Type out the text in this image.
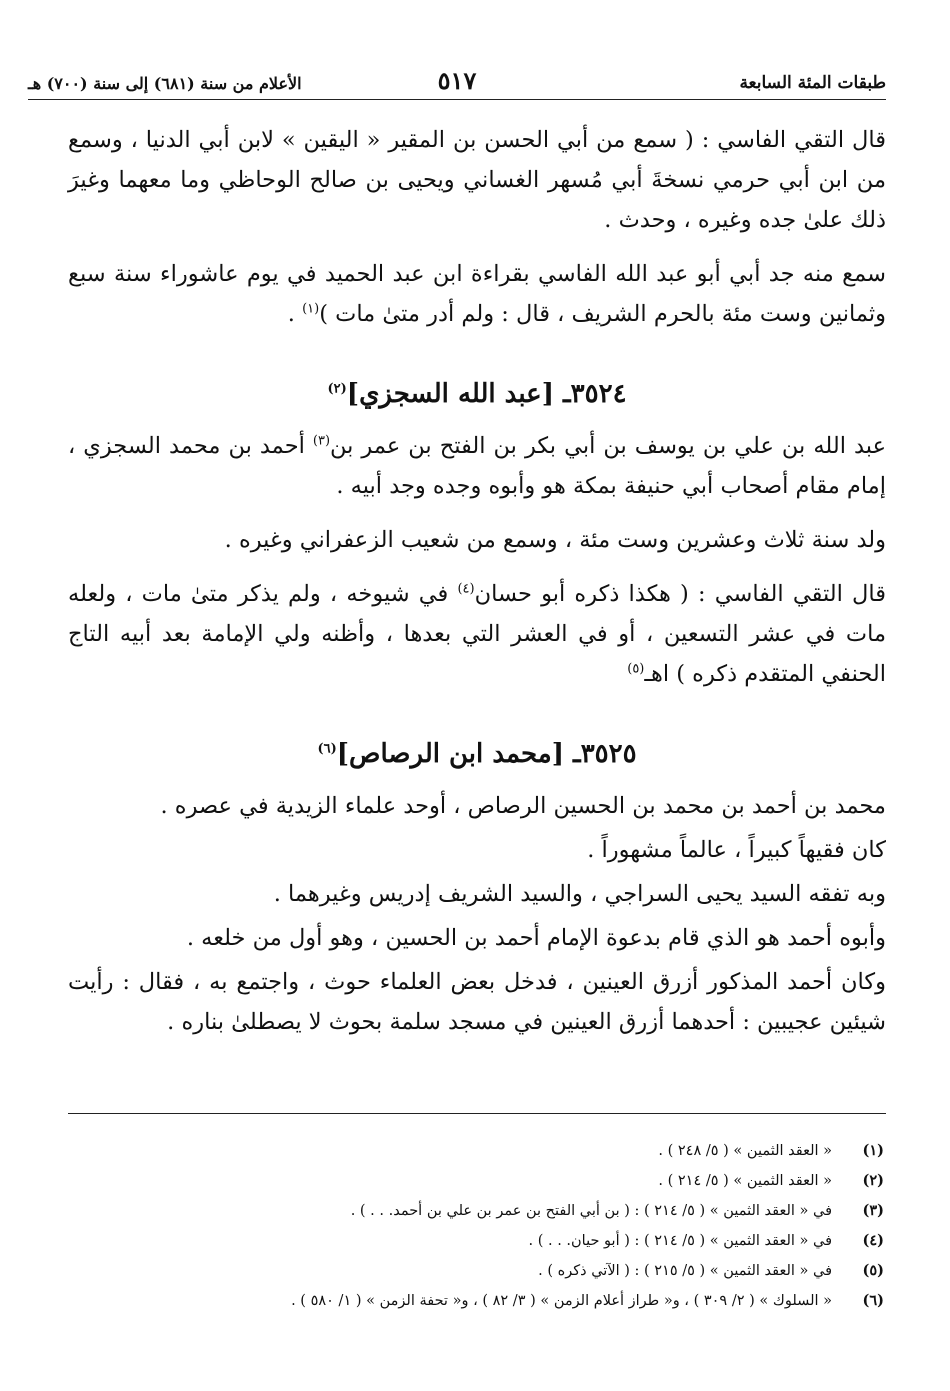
طبقات المئة السابعة
٥١٧
الأعلام من سنة (٦٨١) إلى سنة (٧٠٠) هـ

قال التقي الفاسي : ( سمع من أبي الحسن بن المقير « اليقين » لابن أبي الدنيا ، وسمع من ابن أبي حرمي نسخةَ أبي مُسهر الغساني ويحيى بن صالح الوحاظي وما معهما وغيرَ ذلك علىٰ جده وغيره ، وحدث .

سمع منه جد أبي أبو عبد الله الفاسي بقراءة ابن عبد الحميد في يوم عاشوراء سنة سبع وثمانين وست مئة بالحرم الشريف ، قال : ولم أدر متىٰ مات )$^{(١)}$ .

٣٥٢٤ـ [عبد الله السجزي]$^{(٢)}$

عبد الله بن علي بن يوسف بن أبي بكر بن الفتح بن عمر بن$^{(٣)}$ أحمد بن محمد السجزي ، إمام مقام أصحاب أبي حنيفة بمكة هو وأبوه وجده وجد أبيه .

ولد سنة ثلاث وعشرين وست مئة ، وسمع من شعيب الزعفراني وغيره .

قال التقي الفاسي : ( هكذا ذكره أبو حسان$^{(٤)}$ في شيوخه ، ولم يذكر متىٰ مات ، ولعله مات في عشر التسعين ، أو في العشر التي بعدها ، وأظنه ولي الإمامة بعد أبيه التاج الحنفي المتقدم ذكره ) اهـ$^{(٥)}$

٣٥٢٥ـ [محمد ابن الرصاص]$^{(٦)}$

محمد بن أحمد بن محمد بن الحسين الرصاص ، أوحد علماء الزيدية في عصره .

كان فقيهاً كبيراً ، عالماً مشهوراً .

وبه تفقه السيد يحيى السراجي ، والسيد الشريف إدريس وغيرهما .

وأبوه أحمد هو الذي قام بدعوة الإمام أحمد بن الحسين ، وهو أول من خلعه .

وكان أحمد المذكور أزرق العينين ، فدخل بعض العلماء حوث ، واجتمع به ، فقال : رأيت شيئين عجيبين : أحدهما أزرق العينين في مسجد سلمة بحوث لا يصطلىٰ بناره .

(١)
« العقد الثمين » ( ٥/ ٢٤٨ ) .
(٢)
« العقد الثمين » ( ٥/ ٢١٤ ) .
(٣)
في « العقد الثمين » ( ٥/ ٢١٤ ) : ( بن أبي الفتح بن عمر بن علي بن أحمد. . . ) .
(٤)
في « العقد الثمين » ( ٥/ ٢١٤ ) : ( أبو حيان. . . ) .
(٥)
في « العقد الثمين » ( ٥/ ٢١٥ ) : ( الآتي ذكره ) .
(٦)
« السلوك » ( ٢/ ٣٠٩ ) ، و« طراز أعلام الزمن » ( ٣/ ٨٢ ) ، و« تحفة الزمن » ( ١/ ٥٨٠ ) .
